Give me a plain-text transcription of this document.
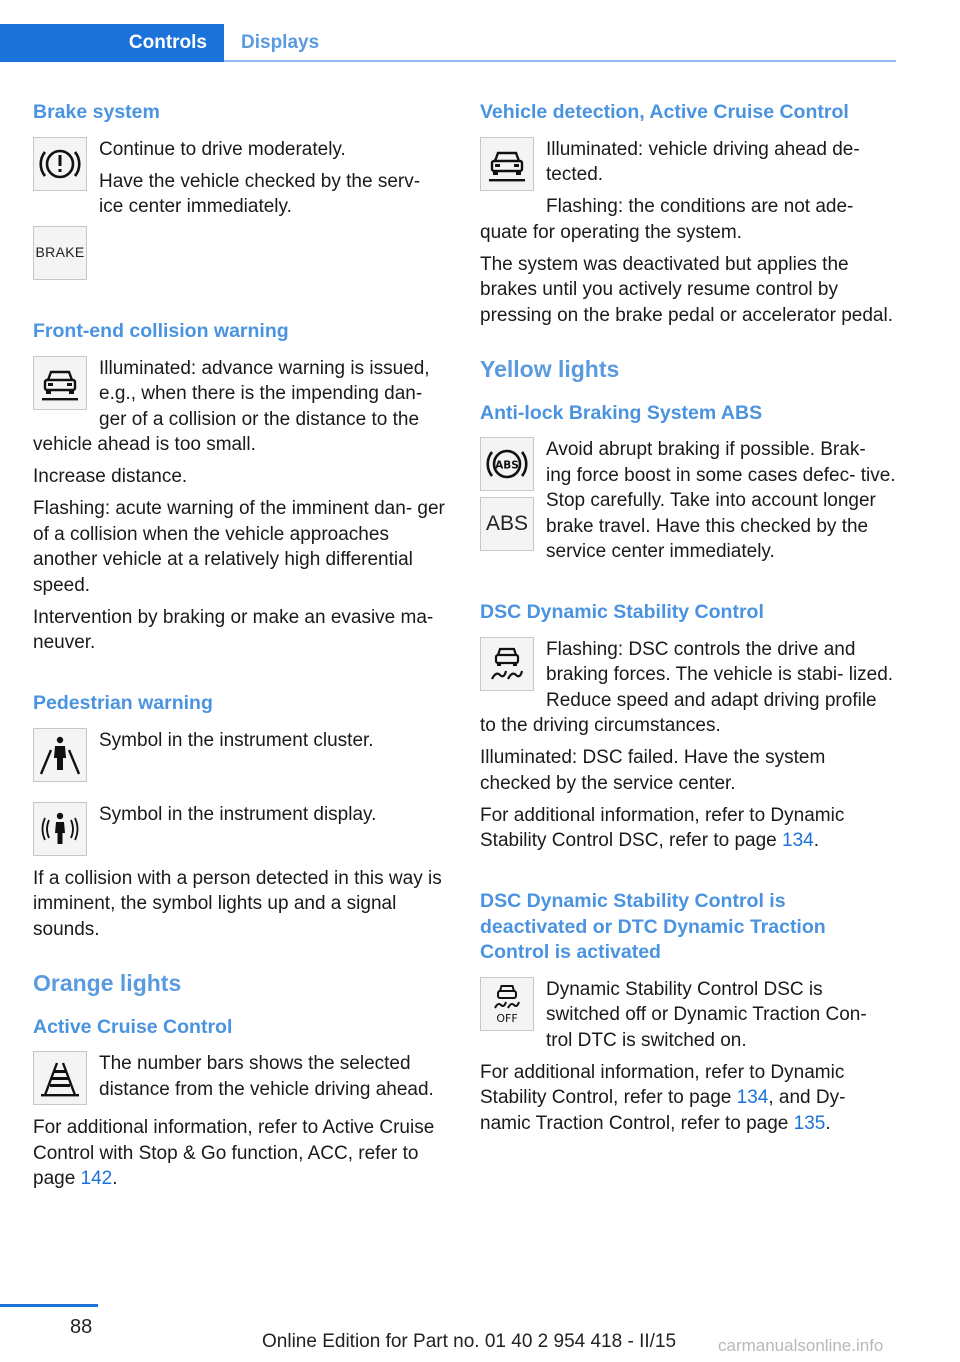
Controls	Displays
Brake system

Continue to drive moderately.

Have the vehicle checked by the serv‐ ice center immediately.

BRAKE
Front-end collision warning

Illuminated: advance warning is issued, e.g., when there is the impending dan‐ ger of a collision or the distance to the vehicle ahead is too small.

Increase distance.

Flashing: acute warning of the imminent dan‐ ger of a collision when the vehicle approaches another vehicle at a relatively high differential speed.

Intervention by braking or make an evasive ma‐ neuver.

Pedestrian warning

Symbol in the instrument cluster.

Symbol in the instrument display.

If a collision with a person detected in this way is imminent, the symbol lights up and a signal sounds.

Orange lights
Active Cruise Control

The number bars shows the selected distance from the vehicle driving ahead.

For additional information, refer to Active Cruise Control with Stop & Go function, ACC, refer to page 142.

Vehicle detection, Active Cruise Control

Illuminated: vehicle driving ahead de‐ tected.

Flashing: the conditions are not ade‐ quate for operating the system.

The system was deactivated but applies the brakes until you actively resume control by pressing on the brake pedal or accelerator pedal.

Yellow lights
Anti-lock Braking System ABS
ABS

Avoid abrupt braking if possible. Brak‐ ing force boost in some cases defec‐ tive. Stop carefully. Take into account longer brake travel. Have this checked by the service center immediately.

ABS
DSC Dynamic Stability Control

Flashing: DSC controls the drive and braking forces. The vehicle is stabi‐ lized. Reduce speed and adapt driving profile to the driving circumstances.

Illuminated: DSC failed. Have the system checked by the service center.

For additional information, refer to Dynamic Stability Control DSC, refer to page 134.

DSC Dynamic Stability Control is deactivated or DTC Dynamic Traction Control is activated
OFF

Dynamic Stability Control DSC is switched off or Dynamic Traction Con‐ trol DTC is switched on.

For additional information, refer to Dynamic Stability Control, refer to page 134, and Dy‐ namic Traction Control, refer to page 135.

88
Online Edition for Part no. 01 40 2 954 418 - II/15 carmanualsonline.info
